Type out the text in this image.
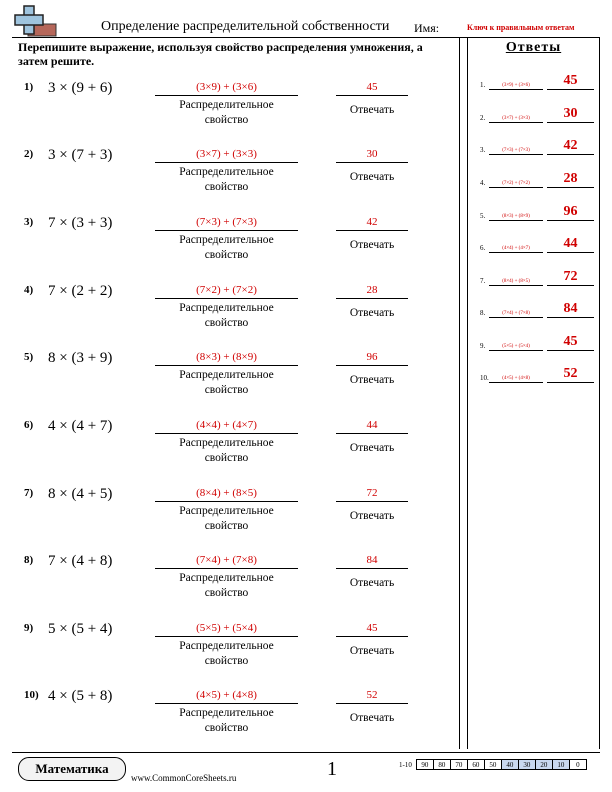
Определение распределительной собственности Имя:	Ключ к правильным ответам
Перепишите выражение, используя свойство распределения умножения, а затем решите.
1) 3 × (9 + 6)	(3×9) + (3×6)
Распределительное
свойство
45
Отвечать
2) 3 × (7 + 3)	(3×7) + (3×3)
Распределительное
свойство
30
Отвечать
3) 7 × (3 + 3)	(7×3) + (7×3)
Распределительное
свойство
42
Отвечать
4) 7 × (2 + 2)	(7×2) + (7×2)
Распределительное
свойство
28
Отвечать
5) 8 × (3 + 9)	(8×3) + (8×9)
Распределительное
свойство
96
Отвечать
6) 4 × (4 + 7)	(4×4) + (4×7)
Распределительное
свойство
44
Отвечать
7) 8 × (4 + 5)	(8×4) + (8×5)
Распределительное
свойство
72
Отвечать
8) 7 × (4 + 8)	(7×4) + (7×8)
Распределительное
свойство
84
Отвечать
9) 5 × (5 + 4)	(5×5) + (5×4)
Распределительное
свойство
45
Отвечать
10) 4 × (5 + 8)	(4×5) + (4×8)
Распределительное
свойство
52
Отвечать
Ответы
1.	(3×9) + (3×6)	45
2.	(3×7) + (3×3)	30
3.	(7×3) + (7×3)	42
4.	(7×2) + (7×2)	28
5.	(8×3) + (8×9)	96
6.	(4×4) + (4×7)	44
7.	(8×4) + (8×5)	72
8.	(7×4) + (7×8)	84
9.	(5×5) + (5×4)	45
10.	(4×5) + (4×8)	52
Математика
www.CommonCoreSheets.ru	1	1-10	90	80	70	60	50	40	30	20	10	0
